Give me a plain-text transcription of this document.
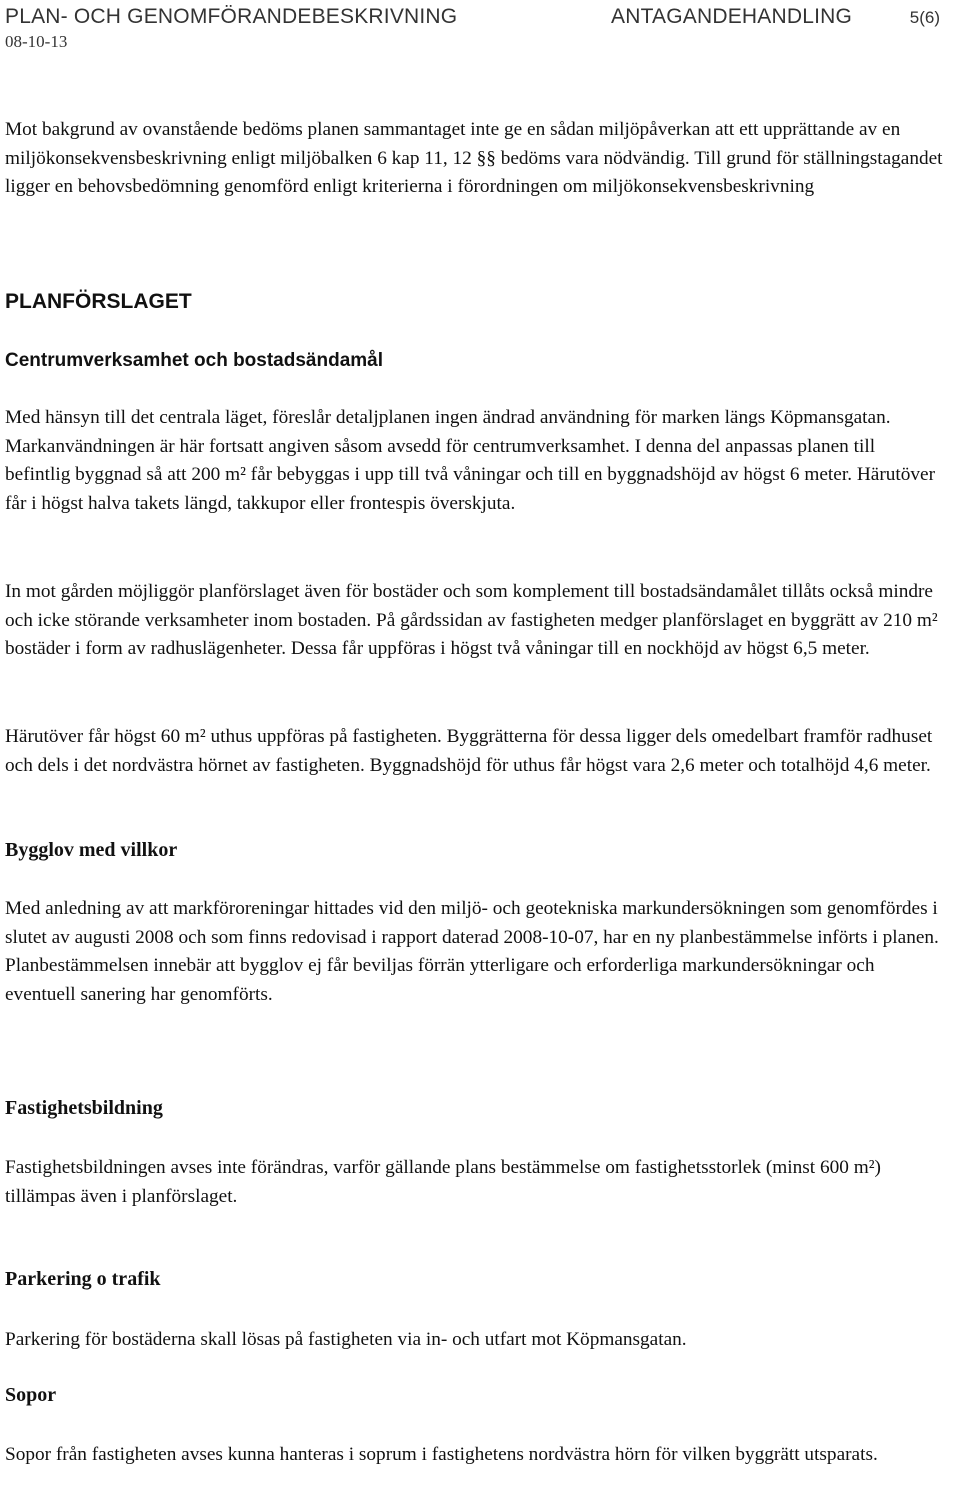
PLAN- OCH GENOMFÖRANDEBESKRIVNING	ANTAGANDEHANDLING	5(6)
08-10-13

Mot bakgrund av ovanstående bedöms planen sammantaget inte ge en sådan miljöpåverkan att ett upprättande av en miljökonsekvensbeskrivning enligt miljöbalken 6 kap 11, 12 §§ bedöms vara nödvändig. Till grund för ställningstagandet ligger en behovsbedömning genomförd enligt kriterierna i förordningen om miljökonsekvensbeskrivning

PLANFÖRSLAGET
Centrumverksamhet och bostadsändamål

Med hänsyn till det centrala läget, föreslår detaljplanen ingen ändrad användning för marken längs Köpmansgatan. Markanvändningen är här fortsatt angiven såsom avsedd för centrumverksamhet. I denna del anpassas planen till befintlig byggnad så att 200 m² får bebyggas i upp till två våningar och till en byggnadshöjd av högst 6 meter. Härutöver får i högst halva takets längd, takkupor eller frontespis överskjuta.

In mot gården möjliggör planförslaget även för bostäder och som komplement till bostadsändamålet tillåts också mindre och icke störande verksamheter inom bostaden. På gårdssidan av fastigheten medger planförslaget en byggrätt av 210 m² bostäder i form av radhuslägenheter. Dessa får uppföras i högst två våningar till en nockhöjd av högst 6,5 meter.

Härutöver får högst 60 m² uthus uppföras på fastigheten. Byggrätterna för dessa ligger dels omedelbart framför radhuset och dels i det nordvästra hörnet av fastigheten. Byggnadshöjd för uthus får högst vara 2,6 meter och totalhöjd 4,6 meter.

Bygglov med villkor

Med anledning av att markföroreningar hittades vid den miljö- och geotekniska markundersökningen som genomfördes i slutet av augusti 2008 och som finns redovisad i rapport daterad 2008-10-07, har en ny planbestämmelse införts i planen. Planbestämmelsen innebär att bygglov ej får beviljas förrän ytterligare och erforderliga markundersökningar och eventuell sanering har genomförts.

Fastighetsbildning

Fastighetsbildningen avses inte förändras, varför gällande plans bestämmelse om fastighetsstorlek (minst 600 m²) tillämpas även i planförslaget.

Parkering o trafik

Parkering för bostäderna skall lösas på fastigheten via in- och utfart mot Köpmansgatan.

Sopor

Sopor från fastigheten avses kunna hanteras i soprum i fastighetens nordvästra hörn för vilken byggrätt utsparats.
